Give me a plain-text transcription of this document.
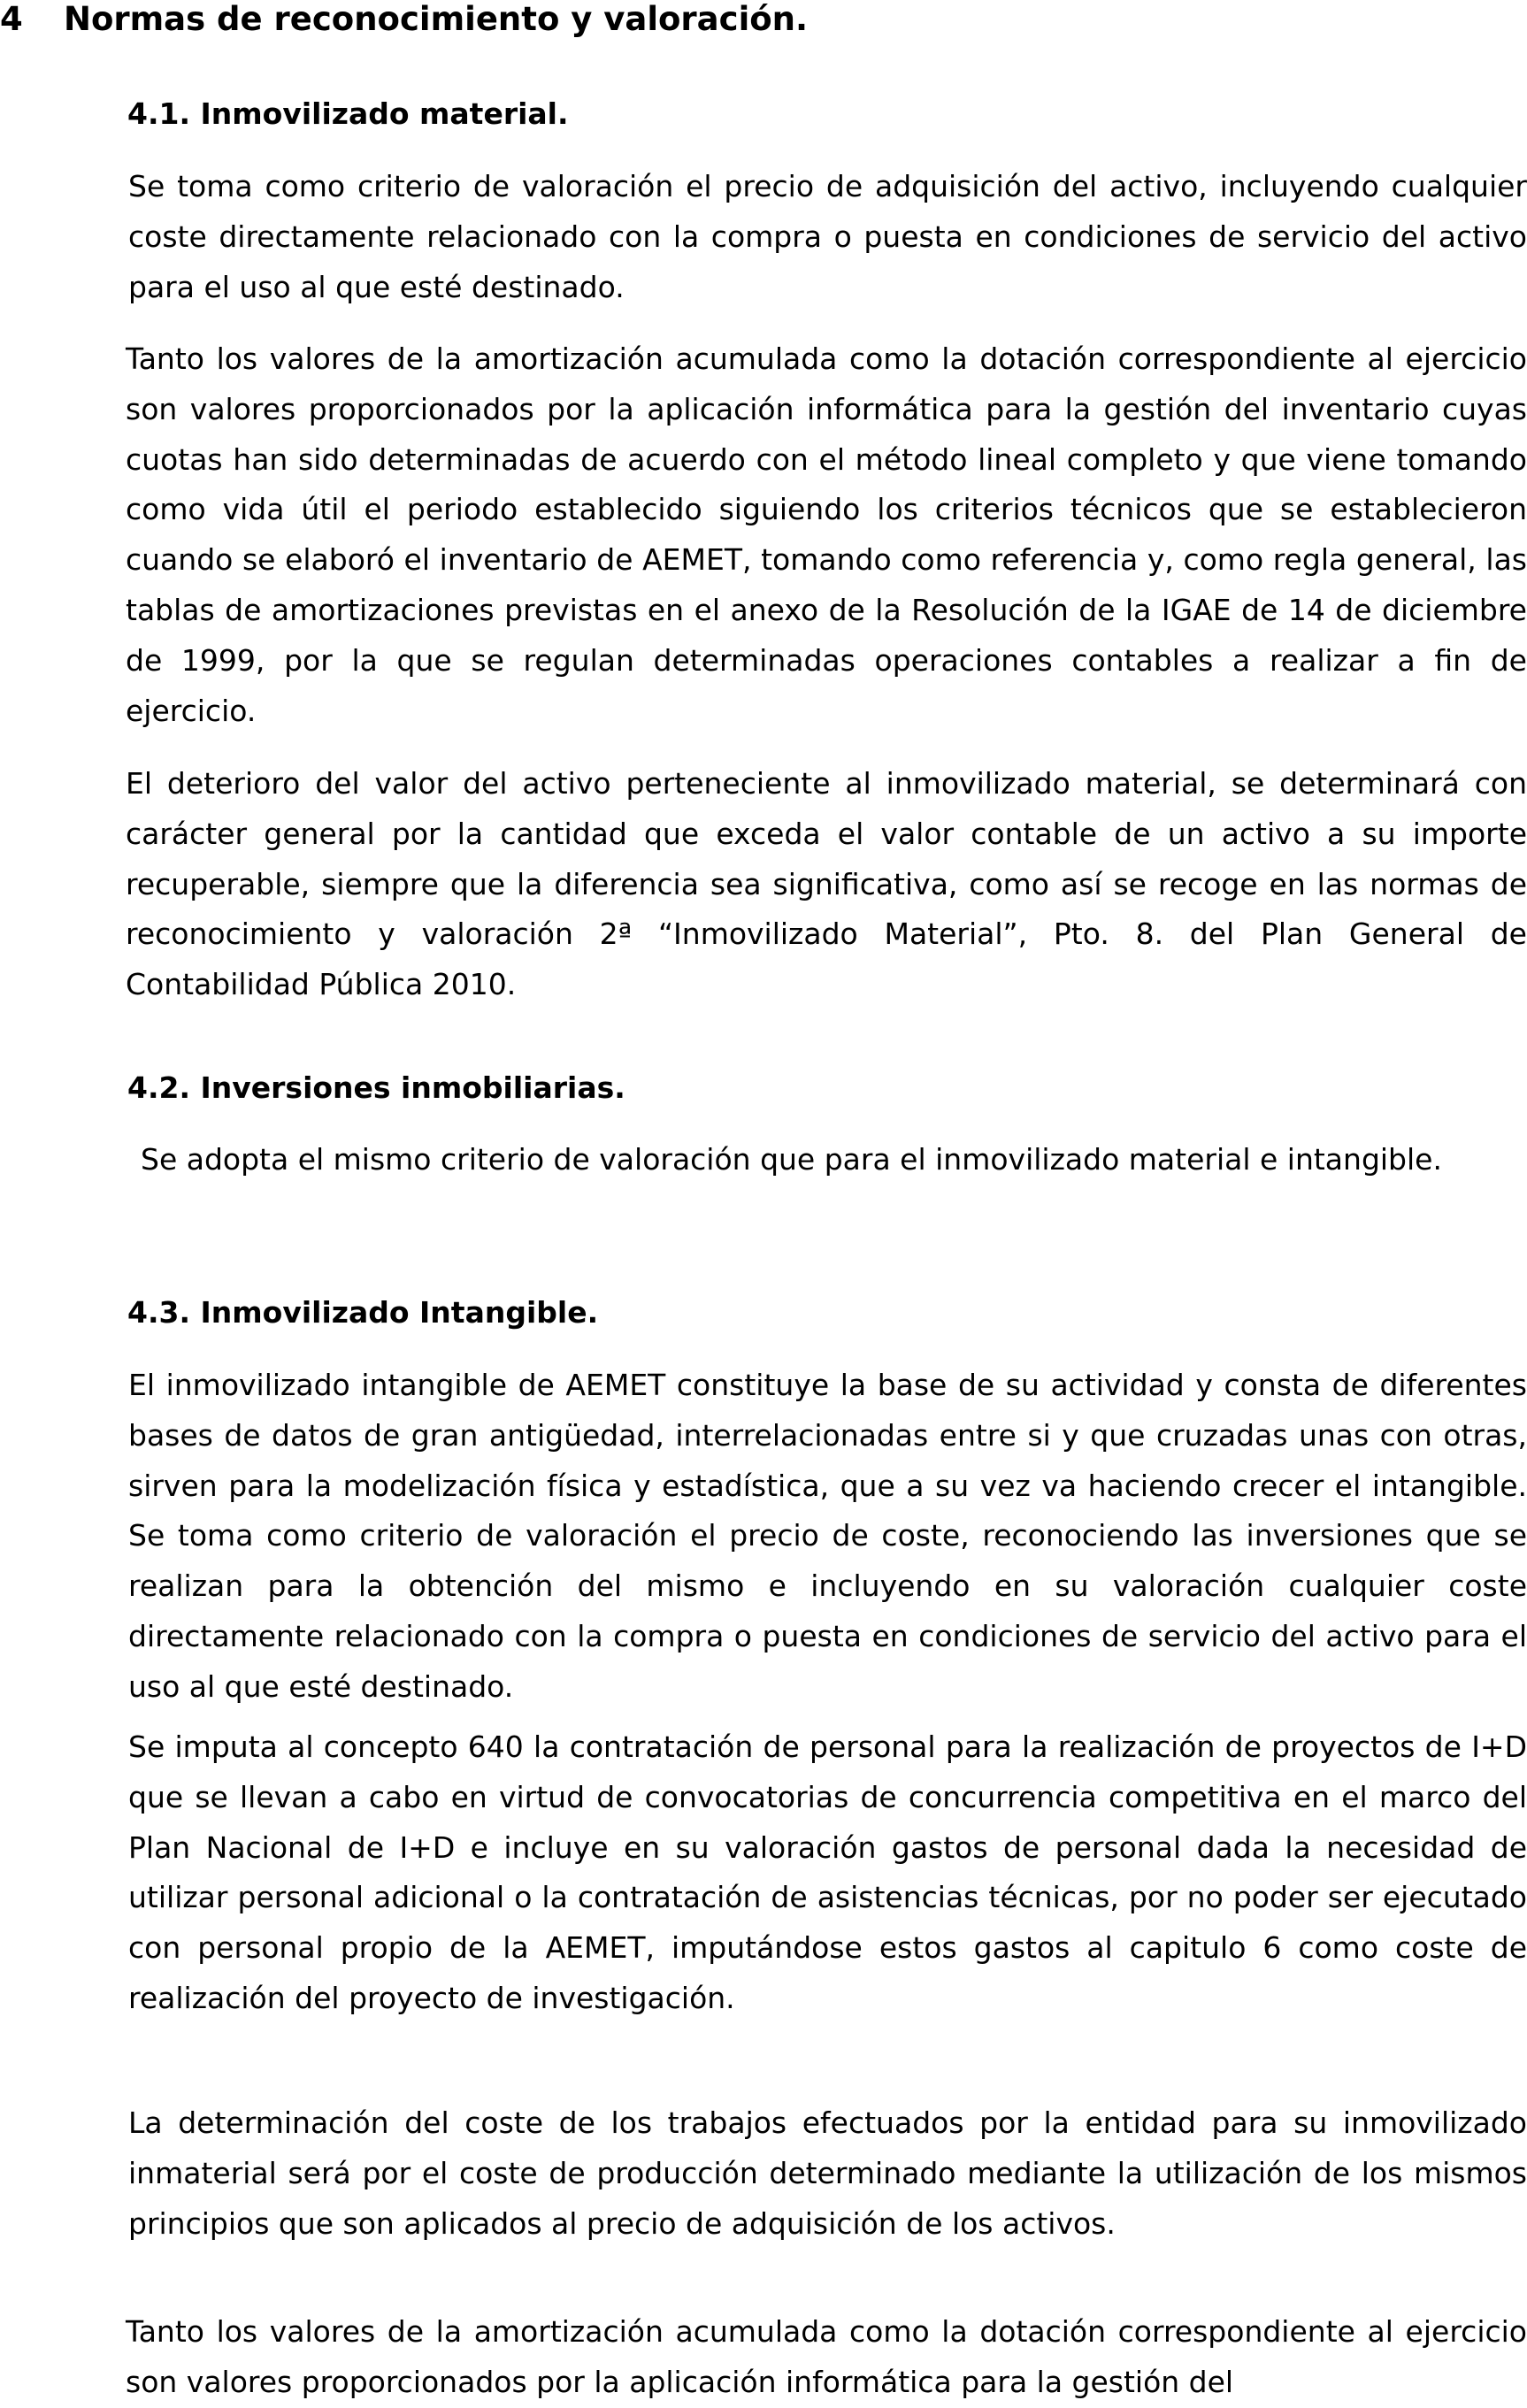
4 Normas de reconocimiento y valoración.
4.1. Inmovilizado material.

Se toma como criterio de valoración el precio de adquisición del activo, incluyendo cualquier coste directamente relacionado con la compra o puesta en condiciones de servicio del activo para el uso al que esté destinado.

Tanto los valores de la amortización acumulada como la dotación correspondiente al ejercicio son valores proporcionados por la aplicación informática para la gestión del inventario cuyas cuotas han sido determinadas de acuerdo con el método lineal completo y que viene tomando como vida útil el periodo establecido siguiendo los criterios técnicos que se establecieron cuando se elaboró el inventario de AEMET, tomando como referencia y, como regla general, las tablas de amortizaciones previstas en el anexo de la Resolución de la IGAE de 14 de diciembre de 1999, por la que se regulan determinadas operaciones contables a realizar a fin de ejercicio.

El deterioro del valor del activo perteneciente al inmovilizado material, se determinará con carácter general por la cantidad que exceda el valor contable de un activo a su importe recuperable, siempre que la diferencia sea significativa, como así se recoge en las normas de reconocimiento y valoración 2ª “Inmovilizado Material”, Pto. 8. del Plan General de Contabilidad Pública 2010.

4.2. Inversiones inmobiliarias.

Se adopta el mismo criterio de valoración que para el inmovilizado material e intangible.

4.3. Inmovilizado Intangible.

El inmovilizado intangible de AEMET constituye la base de su actividad y consta de diferentes bases de datos de gran antigüedad, interrelacionadas entre si y que cruzadas unas con otras, sirven para la modelización física y estadística, que a su vez va haciendo crecer el intangible. Se toma como criterio de valoración el precio de coste, reconociendo las inversiones que se realizan para la obtención del mismo e incluyendo en su valoración cualquier coste directamente relacionado con la compra o puesta en condiciones de servicio del activo para el uso al que esté destinado.

Se imputa al concepto 640 la contratación de personal para la realización de proyectos de I+D que se llevan a cabo en virtud de convocatorias de concurrencia competitiva en el marco del Plan Nacional de I+D e incluye en su valoración gastos de personal dada la necesidad de utilizar personal adicional o la contratación de asistencias técnicas, por no poder ser ejecutado con personal propio de la AEMET, imputándose estos gastos al capitulo 6 como coste de realización del proyecto de investigación.

La determinación del coste de los trabajos efectuados por la entidad para su inmovilizado inmaterial será por el coste de producción determinado mediante la utilización de los mismos principios que son aplicados al precio de adquisición de los activos.

Tanto los valores de la amortización acumulada como la dotación correspondiente al ejercicio son valores proporcionados por la aplicación informática para la gestión del
